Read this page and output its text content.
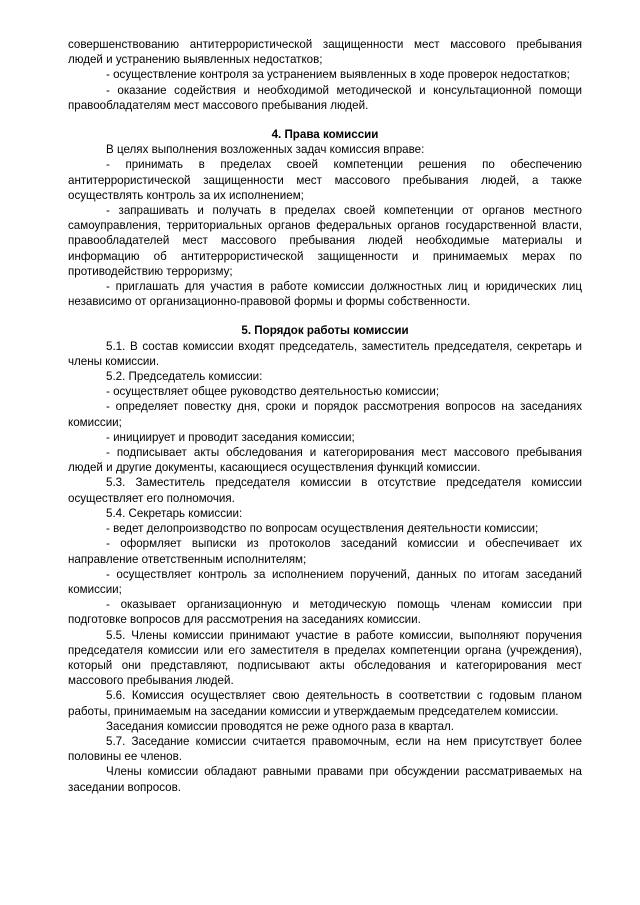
совершенствованию антитеррористической защищенности мест массового пребывания людей и устранению выявленных недостатков;

- осуществление контроля за устранением выявленных в ходе проверок недостатков;

- оказание содействия и необходимой методической и консультационной помощи правообладателям мест массового пребывания людей.

4. Права комиссии

В целях выполнения возложенных задач комиссия вправе:

- принимать в пределах своей компетенции решения по обеспечению антитеррористической защищенности мест массового пребывания людей, а также осуществлять контроль за их исполнением;

- запрашивать и получать в пределах своей компетенции от органов местного самоуправления, территориальных органов федеральных органов государственной власти, правообладателей мест массового пребывания людей необходимые материалы и информацию об антитеррористической защищенности и принимаемых мерах по противодействию терроризму;

- приглашать для участия в работе комиссии должностных лиц и юридических лиц независимо от организационно-правовой формы и формы собственности.

5. Порядок работы комиссии

5.1. В состав комиссии входят председатель, заместитель председателя, секретарь и члены комиссии.

5.2. Председатель комиссии:

- осуществляет общее руководство деятельностью комиссии;

- определяет повестку дня, сроки и порядок рассмотрения вопросов на заседаниях комиссии;

- инициирует и проводит заседания комиссии;

- подписывает акты обследования и категорирования мест массового пребывания людей и другие документы, касающиеся осуществления функций комиссии.

5.3. Заместитель председателя комиссии в отсутствие председателя комиссии осуществляет его полномочия.

5.4. Секретарь комиссии:

- ведет делопроизводство по вопросам осуществления деятельности комиссии;

- оформляет выписки из протоколов заседаний комиссии и обеспечивает их направление ответственным исполнителям;

- осуществляет контроль за исполнением поручений, данных по итогам заседаний комиссии;

- оказывает организационную и методическую помощь членам комиссии при подготовке вопросов для рассмотрения на заседаниях комиссии.

5.5. Члены комиссии принимают участие в работе комиссии, выполняют поручения председателя комиссии или его заместителя в пределах компетенции органа (учреждения), который они представляют, подписывают акты обследования и категорирования мест массового пребывания людей.

5.6. Комиссия осуществляет свою деятельность в соответствии с годовым планом работы, принимаемым на заседании комиссии и утверждаемым председателем комиссии.

Заседания комиссии проводятся не реже одного раза в квартал.

5.7. Заседание комиссии считается правомочным, если на нем присутствует более половины ее членов.

Члены комиссии обладают равными правами при обсуждении рассматриваемых на заседании вопросов.
